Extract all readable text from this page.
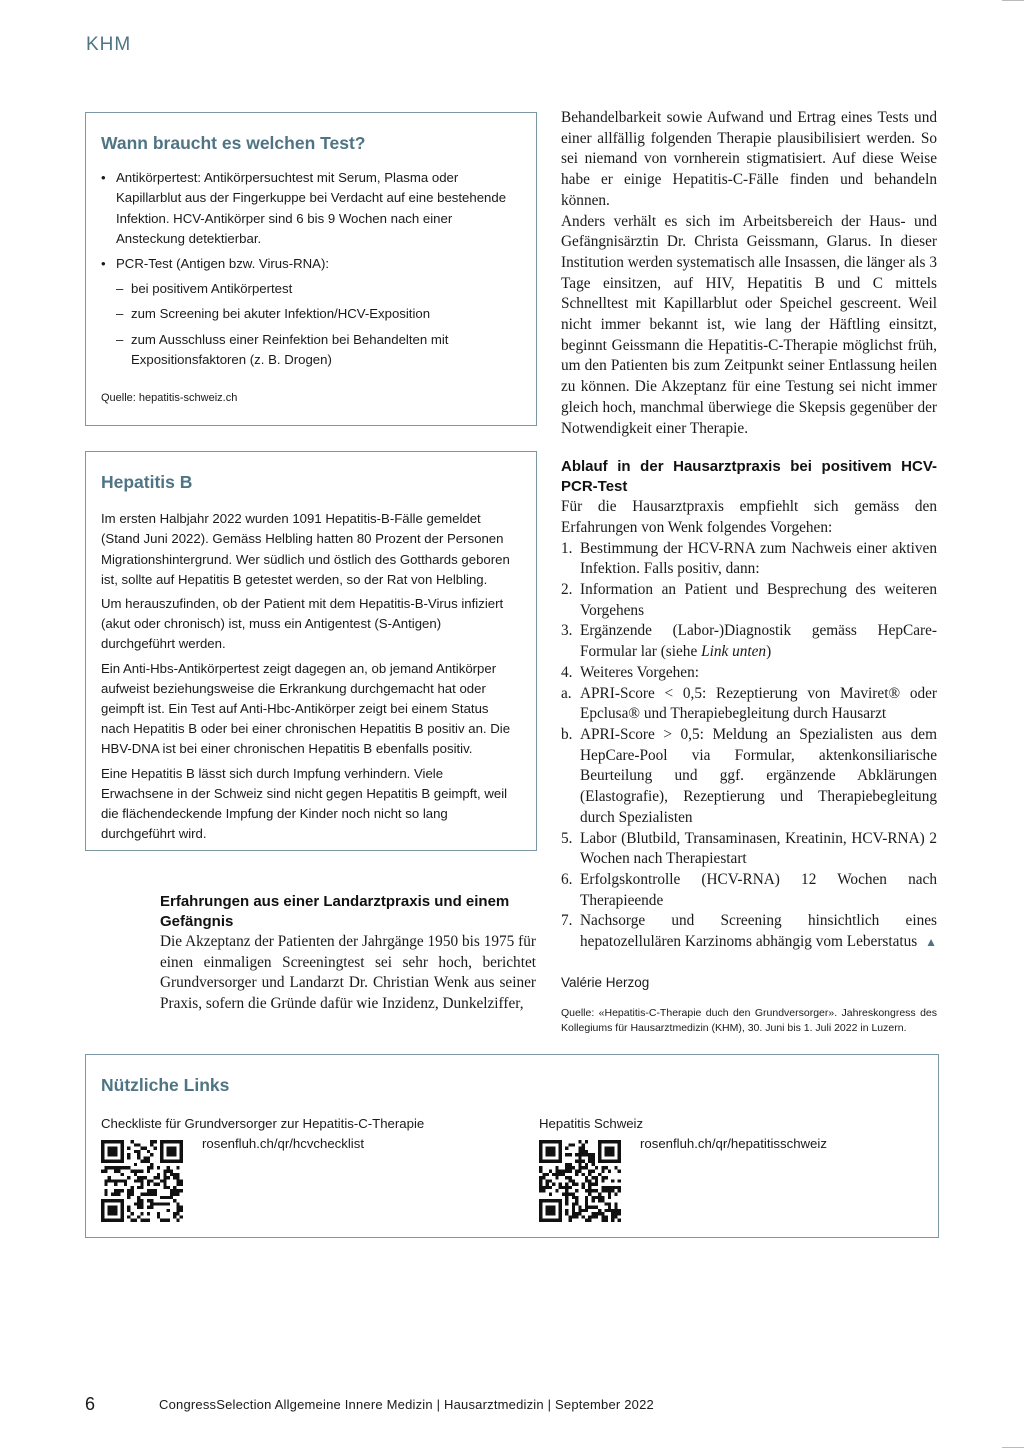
KHM
Wann braucht es welchen Test?
• Antikörpertest: Antikörpersuchtest mit Serum, Plasma oder Kapillarblut aus der Fingerkuppe bei Verdacht auf eine bestehende Infektion. HCV-Antikörper sind 6 bis 9 Wochen nach einer Ansteckung detektierbar.
• PCR-Test (Antigen bzw. Virus-RNA):
– bei positivem Antikörpertest
– zum Screening bei akuter Infektion/HCV-Exposition
– zum Ausschluss einer Reinfektion bei Behandelten mit Expositionsfaktoren (z. B. Drogen)
Quelle: hepatitis-schweiz.ch
Hepatitis B

Im ersten Halbjahr 2022 wurden 1091 Hepatitis-B-Fälle gemeldet (Stand Juni 2022). Gemäss Helbling hatten 80 Prozent der Personen Migrationshintergrund. Wer südlich und östlich des Gotthards geboren ist, sollte auf Hepatitis B getestet werden, so der Rat von Helbling.

Um herauszufinden, ob der Patient mit dem Hepatitis-B-Virus infiziert (akut oder chronisch) ist, muss ein Antigentest (S-Antigen) durchgeführt werden.

Ein Anti-Hbs-Antikörpertest zeigt dagegen an, ob jemand Antikörper aufweist beziehungsweise die Erkrankung durchgemacht hat oder geimpft ist. Ein Test auf Anti-Hbc-Antikörper zeigt bei einem Status nach Hepatitis B oder bei einer chronischen Hepatitis B positiv an. Die HBV-DNA ist bei einer chronischen Hepatitis B ebenfalls positiv.

Eine Hepatitis B lässt sich durch Impfung verhindern. Viele Erwachsene in der Schweiz sind nicht gegen Hepatitis B geimpft, weil die flächendeckende Impfung der Kinder noch nicht so lang durchgeführt wird.

Erfahrungen aus einer Landarztpraxis und einem Gefängnis

Die Akzeptanz der Patienten der Jahrgänge 1950 bis 1975 für einen einmaligen Screeningtest sei sehr hoch, berichtet Grundversorger und Landarzt Dr. Christian Wenk aus seiner Praxis, sofern die Gründe dafür wie Inzidenz, Dunkelziffer,

Behandelbarkeit sowie Aufwand und Ertrag eines Tests und einer allfällig folgenden Therapie plausibilisiert werden. So sei niemand von vornherein stigmatisiert. Auf diese Weise habe er einige Hepatitis-C-Fälle finden und behandeln können.

Anders verhält es sich im Arbeitsbereich der Haus- und Gefängnisärztin Dr. Christa Geissmann, Glarus. In dieser Institution werden systematisch alle Insassen, die länger als 3 Tage einsitzen, auf HIV, Hepatitis B und C mittels Schnelltest mit Kapillarblut oder Speichel gescreent. Weil nicht immer bekannt ist, wie lang der Häftling einsitzt, beginnt Geissmann die Hepatitis-C-Therapie möglichst früh, um den Patienten bis zum Zeitpunkt seiner Entlassung heilen zu können. Die Akzeptanz für eine Testung sei nicht immer gleich hoch, manchmal überwiege die Skepsis gegenüber der Notwendigkeit einer Therapie.

Ablauf in der Hausarztpraxis bei positivem HCV-PCR-Test

Für die Hausarztpraxis empfiehlt sich gemäss den Erfahrungen von Wenk folgendes Vorgehen:

1. Bestimmung der HCV-RNA zum Nachweis einer aktiven Infektion. Falls positiv, dann:
2. Information an Patient und Besprechung des weiteren Vorgehens
3. Ergänzende (Labor-)Diagnostik gemäss HepCare-Formular lar (siehe Link unten)
4. Weiteres Vorgehen:
a. APRI-Score < 0,5: Rezeptierung von Maviret® oder Epclusa® und Therapiebegleitung durch Hausarzt
b. APRI-Score > 0,5: Meldung an Spezialisten aus dem HepCare-Pool via Formular, aktenkonsiliarische Beurteilung und ggf. ergänzende Abklärungen (Elastografie), Rezeptierung und Therapiebegleitung durch Spezialisten
5. Labor (Blutbild, Transaminasen, Kreatinin, HCV-RNA) 2 Wochen nach Therapiestart
6. Erfolgskontrolle (HCV-RNA) 12 Wochen nach Therapieende
7. Nachsorge und Screening hinsichtlich eines hepatozellulären Karzinoms abhängig vom Leberstatus ▲
Valérie Herzog
Quelle: «Hepatitis-C-Therapie duch den Grundversorger». Jahreskongress des Kollegiums für Hausarztmedizin (KHM), 30. Juni bis 1. Juli 2022 in Luzern.
Nützliche Links
Checkliste für Grundversorger zur Hepatitis-C-Therapie
rosenfluh.ch/qr/hcvchecklist
Hepatitis Schweiz
rosenfluh.ch/qr/hepatitisschweiz
6	CongressSelection Allgemeine Innere Medizin | Hausarztmedizin | September 2022
